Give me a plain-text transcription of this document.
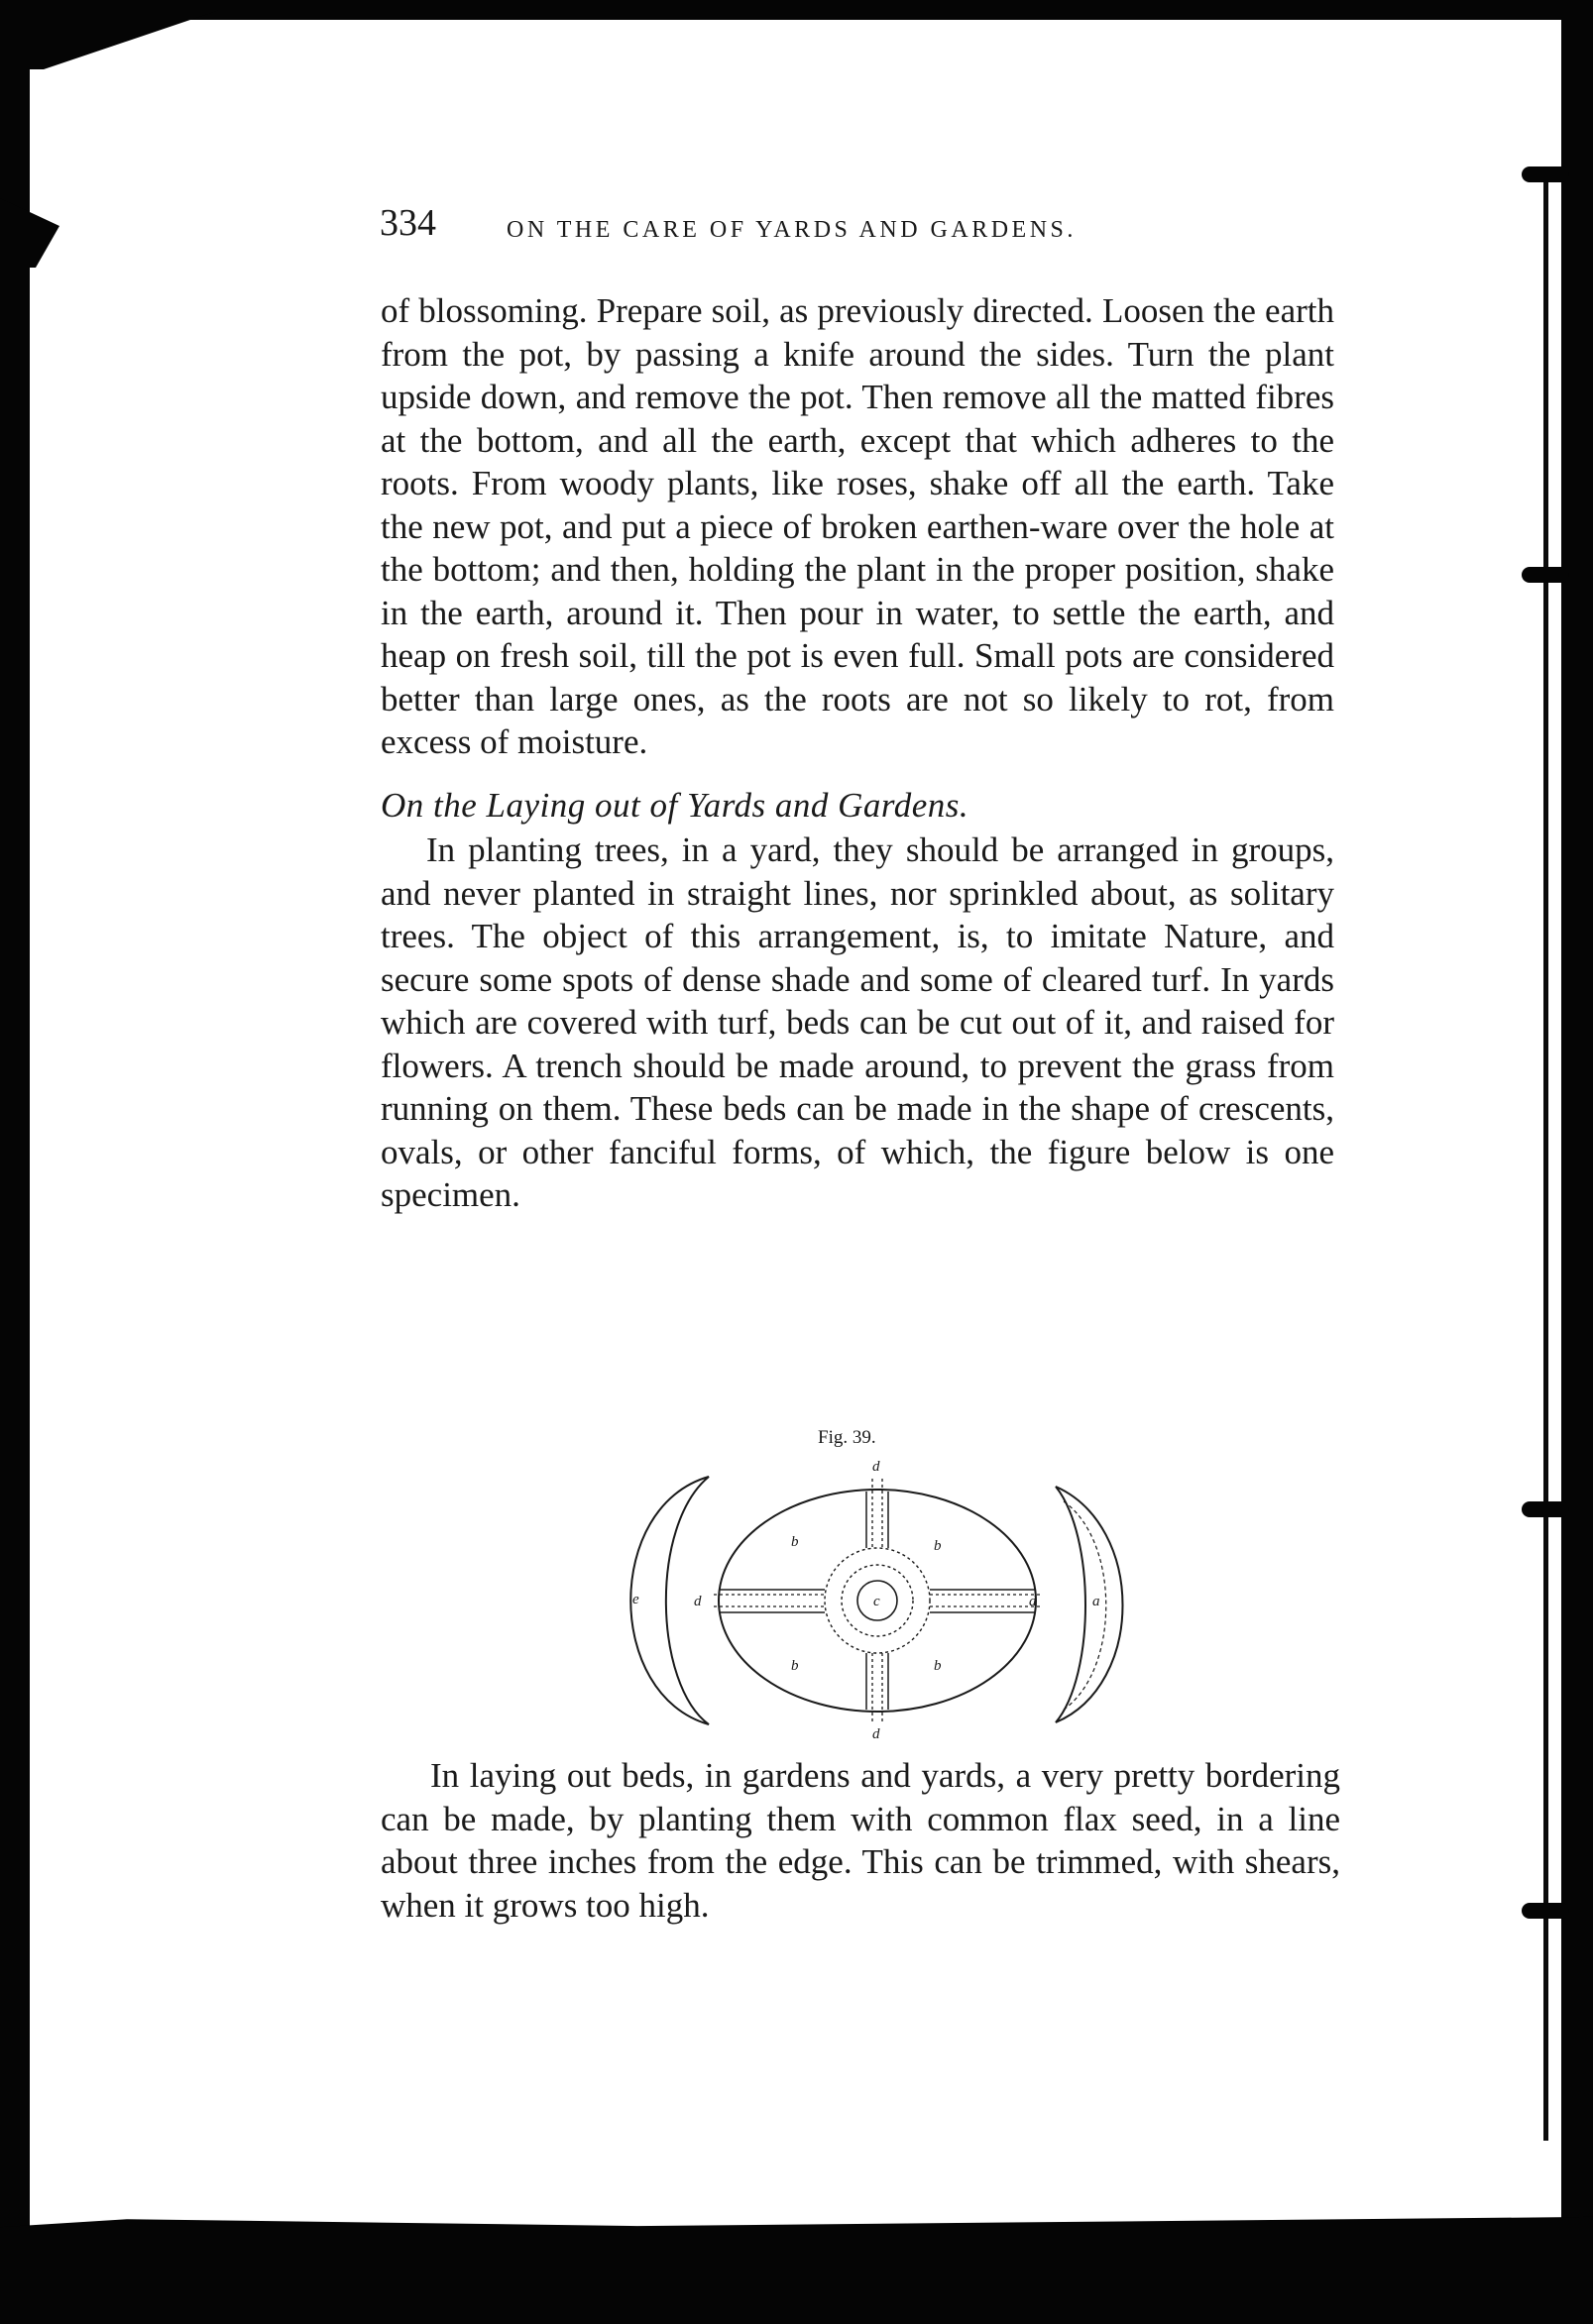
334	ON THE CARE OF YARDS AND GARDENS.

of blossoming. Prepare soil, as previously directed. Loosen the earth from the pot, by passing a knife around the sides. Turn the plant upside down, and remove the pot. Then remove all the matted fibres at the bottom, and all the earth, except that which adheres to the roots. From woody plants, like roses, shake off all the earth. Take the new pot, and put a piece of broken earthen-ware over the hole at the bottom; and then, holding the plant in the proper position, shake in the earth, around it. Then pour in water, to settle the earth, and heap on fresh soil, till the pot is even full. Small pots are considered better than large ones, as the roots are not so likely to rot, from excess of moisture.

On the Laying out of Yards and Gardens.

In planting trees, in a yard, they should be arranged in groups, and never planted in straight lines, nor sprinkled about, as solitary trees. The object of this arrangement, is, to imitate Nature, and secure some spots of dense shade and some of cleared turf. In yards which are covered with turf, beds can be cut out of it, and raised for flowers. A trench should be made around, to prevent the grass from running on them. These beds can be made in the shape of crescents, ovals, or other fanciful forms, of which, the figure below is one specimen.

Fig. 39.
d
d
d	d
b	b
b	b
c
e	a

In laying out beds, in gardens and yards, a very pretty bordering can be made, by planting them with common flax seed, in a line about three inches from the edge. This can be trimmed, with shears, when it grows too high.
